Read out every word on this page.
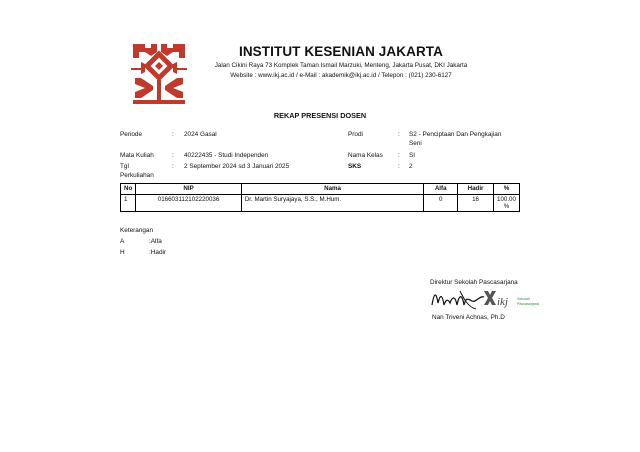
INSTITUT KESENIAN JAKARTA
Jalan Cikini Raya 73 Komplek Taman Ismail Marzuki, Menteng, Jakarta Pusat, DKI Jakarta
Website : www.ikj.ac.id / e-Mail : akademik@ikj.ac.id / Telepon : (021) 230-6127
REKAP PRESENSI DOSEN
Periode	: 2024 Gasal
Mata Kuliah	: 40222435 - Studi Independen
Tgl
Perkuliahan
: 2 September 2024 sd 3 Januari 2025
Prodi	: S2 - Penciptaan Dan Pengkajian
Seni
Nama Kelas : SI
SKS	: 2
No	NIP	Nama	Alfa	Hadir	%
1	016603112102220036	Dr. Martin Suryajaya, S.S., M.Hum.	0	16	100.00
%
Keterangan
A	:Alfa
H	:Hadir
Direktur Sekolah Pascasarjana
ikj	Sekolah
Pascasarjana
Nan Triveni Achnas, Ph.D
